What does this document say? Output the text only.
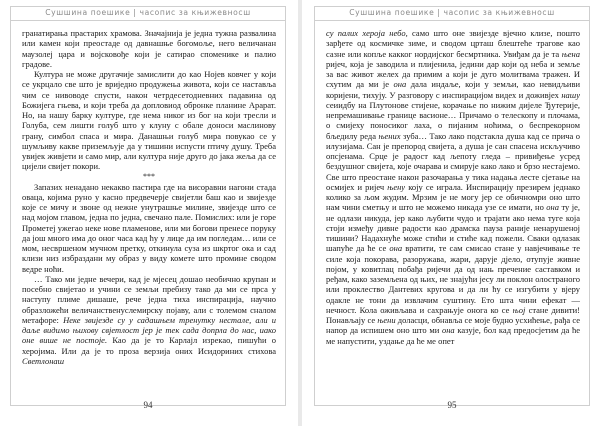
Сушшина поешике | часопис за књижевносш

гранатирања прастарих храмова. Значајнија је једна тужна развалина или камен који преостаде од давнашње богомоље, него величанан маузолеј царa и војсковође који је сатирао споменике и палио градове.

Култура не може другачије замислити до као Нојев ковчег у који се укрцало све што је вриједно продужења живота, који се наставља чим се нивоводе спусти, након четрдесетодневних падавина од Божијега гњева, и који треба да допловиод обронке планине Арарат. Но, на нашу барку културе, где нема никог из бог на који тресли и Голуба, сем лишти голуб што у клуну с обале доноси маслинову грану, симбол спаса и мира. Данашњи голуб мира повукао се у шумљиву какве приземљује да у тишини испусти птичу душу. Треба увијек живјети и само мир, али култура није друго до јака жеља да се цијели свијет покори.

***

Запазих ненадано некакво пастира где на висоравни нагони стада оваца, којима руно у касно предвечерје свијетли баш као и звијезде које се мичу и звоне од нежне унутрашње милине, звијезде што се над мојом главом, једна по једна, свечано пале. Помислих: или је горе Прометеј ужегао неке нове пламенове, или ми богови пренесе поруку да још много има до оног часа кад ћу у лице да им погледам… или се мом, несвршеном мучном претку, откинула суза из шкртог ока и сад клизи низ избраздани му образ у виду комете што промине сводом ведре ноћи.

… Тако ми једне вечери, кад је мјесец дошао необично крупан и посебно свијетао и учини се земљи пребизу тако да ми се прса у наступу плиме дишаше, рече једна тиха инспирација, научно образложећи величанственуслемирску појаву, али с толемом сналом метафоре: Неке звијезде су у садашњем тренутку нестале, али и даље видимо њихову свјетлост јер је тек сада допрла до нас, иако оне више не постоје. Као да је то Карлајл изрекао, пишући о херојима. Или да је то проза верзија оних Исидориних стихова Светлонaш

94
Сушшина поешике | часопис за књижевносш

су палих хероја небо, само што оне звијезде вјечно клизе, пошто зарђете од космичке зиме, и сводом црташ блештеће трагове као сазне или копље какког нордијског бесмртника. Увиђам да је та њена ријеч, која је заводила и плијенила, једини дар који од неба и земље за вас живот желех да примим а који је дуго молитвама тражен. И схутим да ми је она дала индаље, који у земљи, као невидљиви коријени, тихују. У разговору с инспирацијом видех и доживјех нашу сеиидбу на Плутонове стијене, корачање по нижим дијеле Ђутерије, непремашивање границе васионе… Причамо о телескопу и плочама, о смијеху поносиког лаха, о пијаним ноћима, о беспрекорном бљедилу реда њених зуба… Тако лако подстакла душа кад се прича о илузијама. Сан је препород свијета, а душа је сан спасена искључиво опсјенама. Срце је радост кад љепоту гледа – привиђење усред бездушног свијета, које очарава и смирује како лако и брзо нестајемо. Све што преостане након разочарања у тика надања лесте сјетање на осмијех и ријеч њену коју се играла. Инспирацију презирем једнако колико за љом жудим. Мрзим је не могу јер се обичномри оно што нам чини сметњу и што не можемо никада узе се имати, но она ту је, не одлази никуда, јер како љубити чудо и трајати ако нема туге која стоји између дивне радости као драмска пауза раније ненарушеној тишини? Надахнуће може стићи и стиће кад пожели. Сваки одлазак шапуће да ће се она вратити, те сам смисао стане у навјечивање те силе која покорава, разоружава, жари, дарује дјело, отупује живне појом, у ковитлац побађа ријечи да од нањ пречение саставком и ређам, како заземљена од њих, не знајући јесу ли поклон олостраного или проклество Дантевих кругова и да ли ћу се изгубити у вјеру одакле не тони да извлачим суштину. Ето шта чини ефекат — нечност. Кола оживљава и сахрањује онога ко се њој стане дивити! Понављају се њени доласци, обнавља се моје будно усхићење, рађа се напор да испишем оно што ми она казује, бол кад предосјетим да ће ме напустити, уздање да ће ме опет

95
